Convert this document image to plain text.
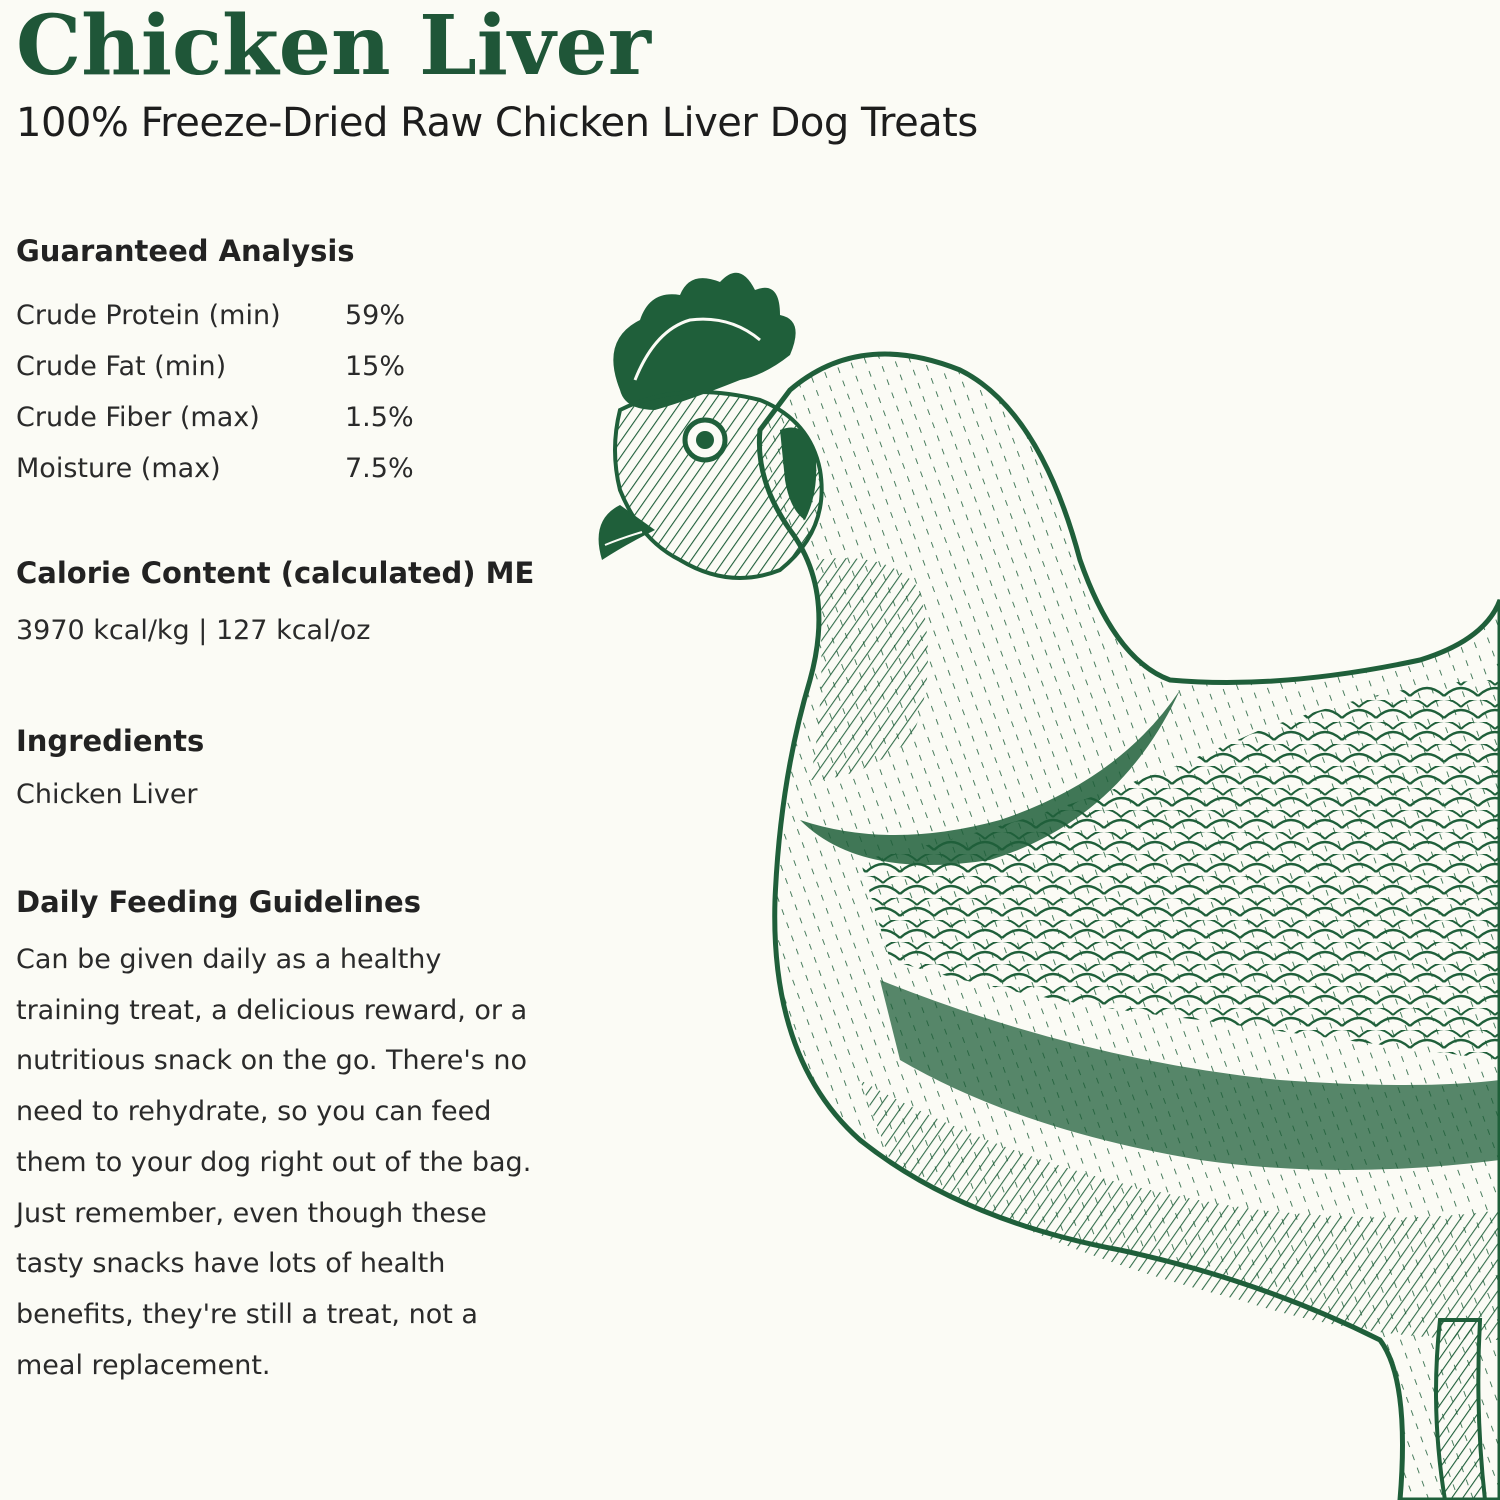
Chicken Liver
100% Freeze-Dried Raw Chicken Liver Dog Treats
Guaranteed Analysis
Crude Protein (min)	59%
Crude Fat (min)	15%
Crude Fiber (max)	1.5%
Moisture (max)	7.5%
Calorie Content (calculated) ME

3970 kcal/kg | 127 kcal/oz

Ingredients

Chicken Liver

Daily Feeding Guidelines

Can be given daily as a healthy training treat, a delicious reward, or a nutritious snack on the go. There's no need to rehydrate, so you can feed them to your dog right out of the bag. Just remember, even though these tasty snacks have lots of health benefits, they're still a treat, not a meal replacement.
